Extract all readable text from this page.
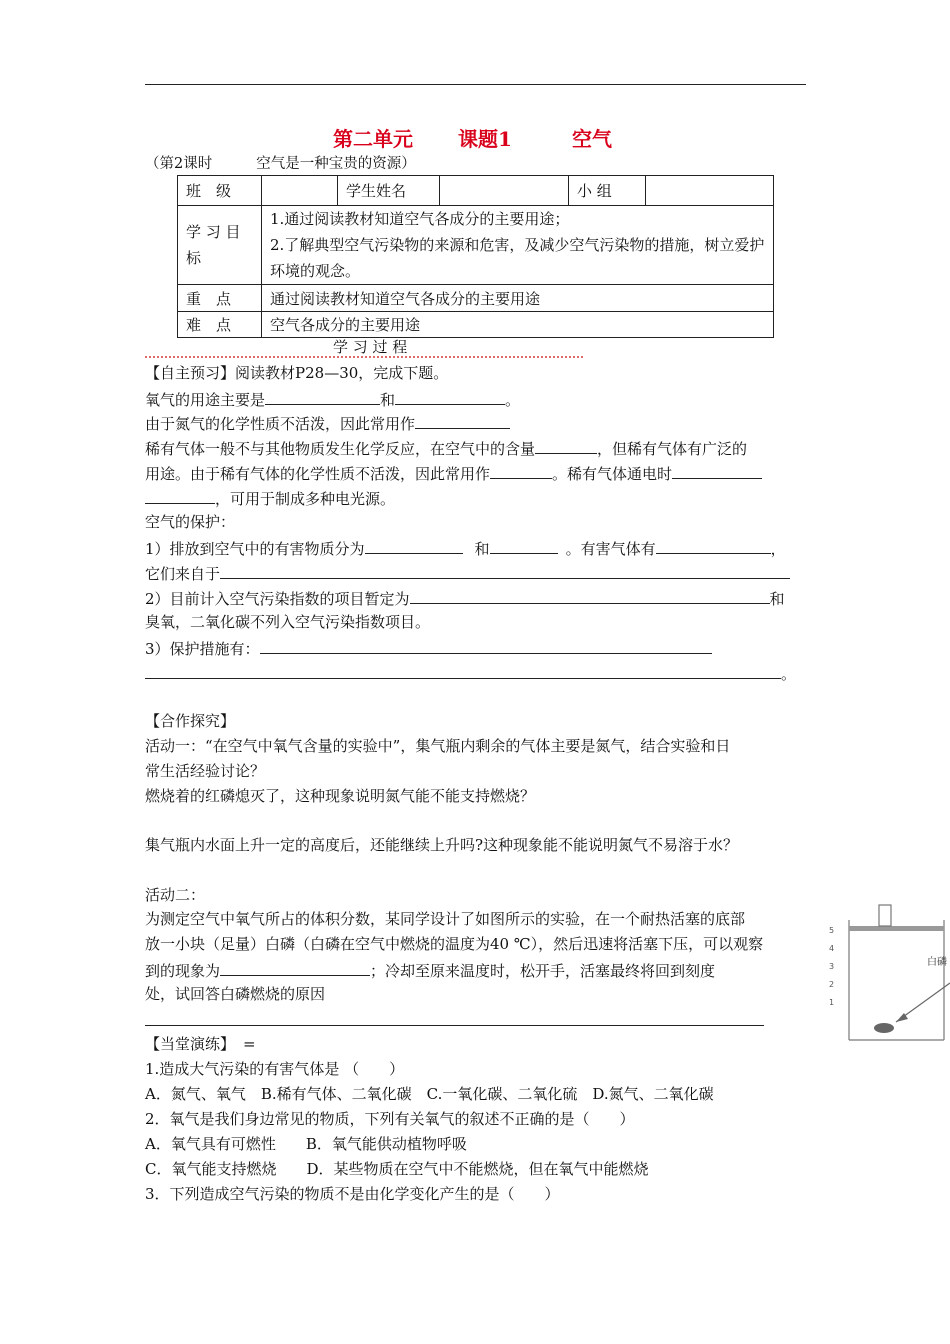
第二单元 课题1	空气
（第2课时	空气是一种宝贵的资源）
班　级		学生姓名		小 组	
学 习 目 标	1.通过阅读教材知道空气各成分的主要用途；
2.了解典型空气污染物的来源和危害，及减少空气污染物的措施，树立爱护环境的观念。				

重　点	通过阅读教材知道空气各成分的主要用途				
难　点	空气各成分的主要用途				
学 习 过 程
【自主预习】阅读教材P28—30，完成下题。
氧气的用途主要是	和	。
由于氮气的化学性质不活泼，因此常用作
稀有气体一般不与其他物质发生化学反应，在空气中的含量	，但稀有气体有广泛的
用途。由于稀有气体的化学性质不活泼，因此常用作	。稀有气体通电时
，可用于制成多种电光源。
空气的保护：
1）排放到空气中的有害物质分为	和	。有害气体有	，
它们来自于
2）目前计入空气污染指数的项目暂定为	和
臭氧，二氧化碳不列入空气污染指数项目。
3）保护措施有：
。
【合作探究】
活动一：“在空气中氧气含量的实验中”，集气瓶内剩余的气体主要是氮气，结合实验和日
常生活经验讨论？
燃烧着的红磷熄灭了，这种现象说明氮气能不能支持燃烧？
集气瓶内水面上升一定的高度后，还能继续上升吗?这种现象能不能说明氮气不易溶于水？
活动二：
为测定空气中氧气所占的体积分数，某同学设计了如图所示的实验，在一个耐热活塞的底部
放一小块（足量）白磷（白磷在空气中燃烧的温度为40 ℃），然后迅速将活塞下压，可以观察
到的现象为	；冷却至原来温度时，松开手，活塞最终将回到刻度
处，试回答白磷燃烧的原因
5
4
3
2
1
白磷
【当堂演练】 =
1.造成大气污染的有害气体是 （　　）
A．氮气、氧气　B.稀有气体、二氧化碳　C.一氧化碳、二氧化硫　D.氮气、二氧化碳
2．氧气是我们身边常见的物质，下列有关氧气的叙述不正确的是（　　）
A．氧气具有可燃性　　B．氧气能供动植物呼吸
C．氧气能支持燃烧　　D．某些物质在空气中不能燃烧，但在氧气中能燃烧
3．下列造成空气污染的物质不是由化学变化产生的是（　　）
